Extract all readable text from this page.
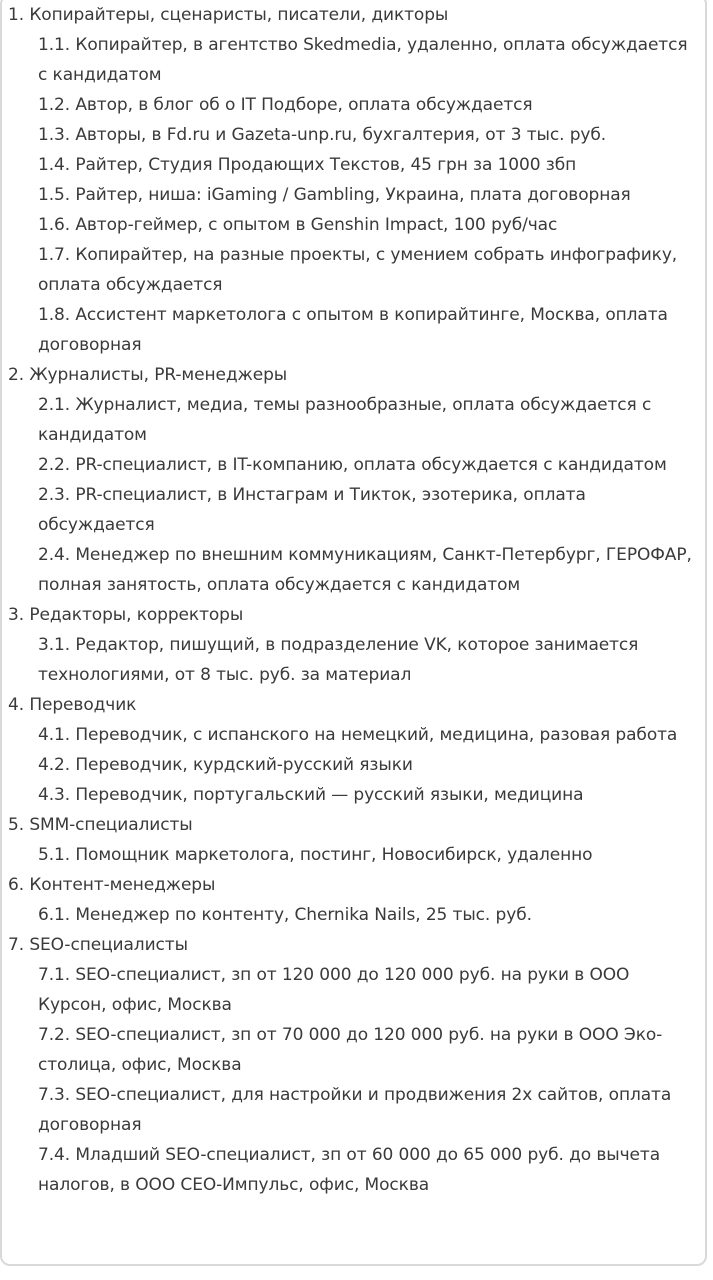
1. Копирайтеры, сценаристы, писатели, дикторы
1.1. Копирайтер, в агентство Skedmedia, удаленно, оплата обсуждается с кандидатом
1.2. Автор, в блог об о IT Подборе, оплата обсуждается
1.3. Авторы, в Fd.ru и Gazeta-unp.ru, бухгалтерия, от 3 тыс. руб.
1.4. Райтер, Студия Продающих Текстов, 45 грн за 1000 збп
1.5. Райтер, ниша: iGaming / Gambling, Украина, плата договорная
1.6. Автор-геймер, с опытом в Genshin Impact, 100 руб/час
1.7. Копирайтер, на разные проекты, с умением собрать инфографику, оплата обсуждается
1.8. Ассистент маркетолога с опытом в копирайтинге, Москва, оплата договорная
2. Журналисты, PR-менеджеры
2.1. Журналист, медиа, темы разнообразные, оплата обсуждается с кандидатом
2.2. PR-специалист, в IT-компанию, оплата обсуждается с кандидатом
2.3. PR-специалист, в Инстаграм и Тикток, эзотерика, оплата обсуждается
2.4. Менеджер по внешним коммуникациям, Санкт-Петербург, ГЕРОФАР, полная занятость, оплата обсуждается с кандидатом
3. Редакторы, корректоры
3.1. Редактор, пишущий, в подразделение VK, которое занимается технологиями, от 8 тыс. руб. за материал
4. Переводчик
4.1. Переводчик, с испанского на немецкий, медицина, разовая работа
4.2. Переводчик, курдский-русский языки
4.3. Переводчик, португальский — русский языки, медицина
5. SMM-специалисты
5.1. Помощник маркетолога, постинг, Новосибирск, удаленно
6. Контент-менеджеры
6.1. Менеджер по контенту, Chernika Nails, 25 тыс. руб.
7. SEO-специалисты
7.1. SEO-специалист, зп от 120 000 до 120 000 руб. на руки в ООО Курсон, офис, Москва
7.2. SEO-специалист, зп от 70 000 до 120 000 руб. на руки в ООО Эко-столица, офис, Москва
7.3. SEO-специалист, для настройки и продвижения 2х сайтов, оплата договорная
7.4. Младший SEO-специалист, зп от 60 000 до 65 000 руб. до вычета налогов, в ООО СЕО-Импульс, офис, Москва
